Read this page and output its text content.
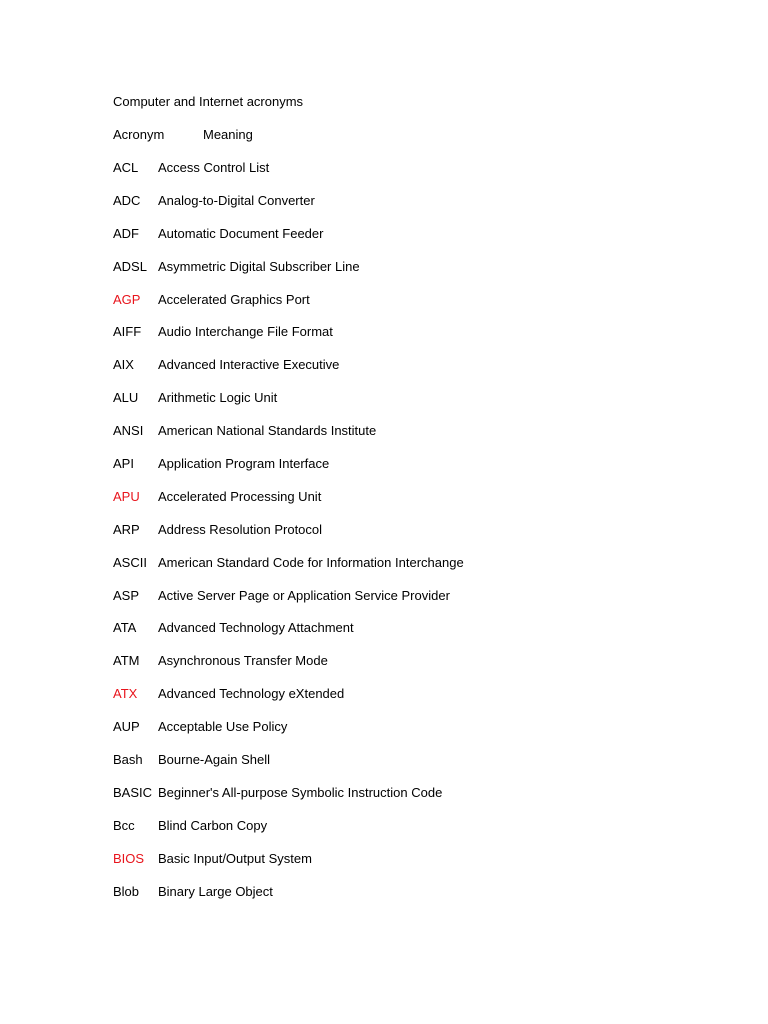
Computer and Internet acronyms
Acronym	Meaning
ACL Access Control List
ADC Analog-to-Digital Converter
ADF Automatic Document Feeder
ADSL Asymmetric Digital Subscriber Line
AGP Accelerated Graphics Port
AIFF Audio Interchange File Format
AIX Advanced Interactive Executive
ALU Arithmetic Logic Unit
ANSI American National Standards Institute
API Application Program Interface
APU Accelerated Processing Unit
ARP Address Resolution Protocol
ASCII American Standard Code for Information Interchange
ASP Active Server Page or Application Service Provider
ATA Advanced Technology Attachment
ATM Asynchronous Transfer Mode
ATX Advanced Technology eXtended
AUP Acceptable Use Policy
Bash Bourne-Again Shell
BASIC Beginner's All-purpose Symbolic Instruction Code
Bcc Blind Carbon Copy
BIOS Basic Input/Output System
Blob Binary Large Object
